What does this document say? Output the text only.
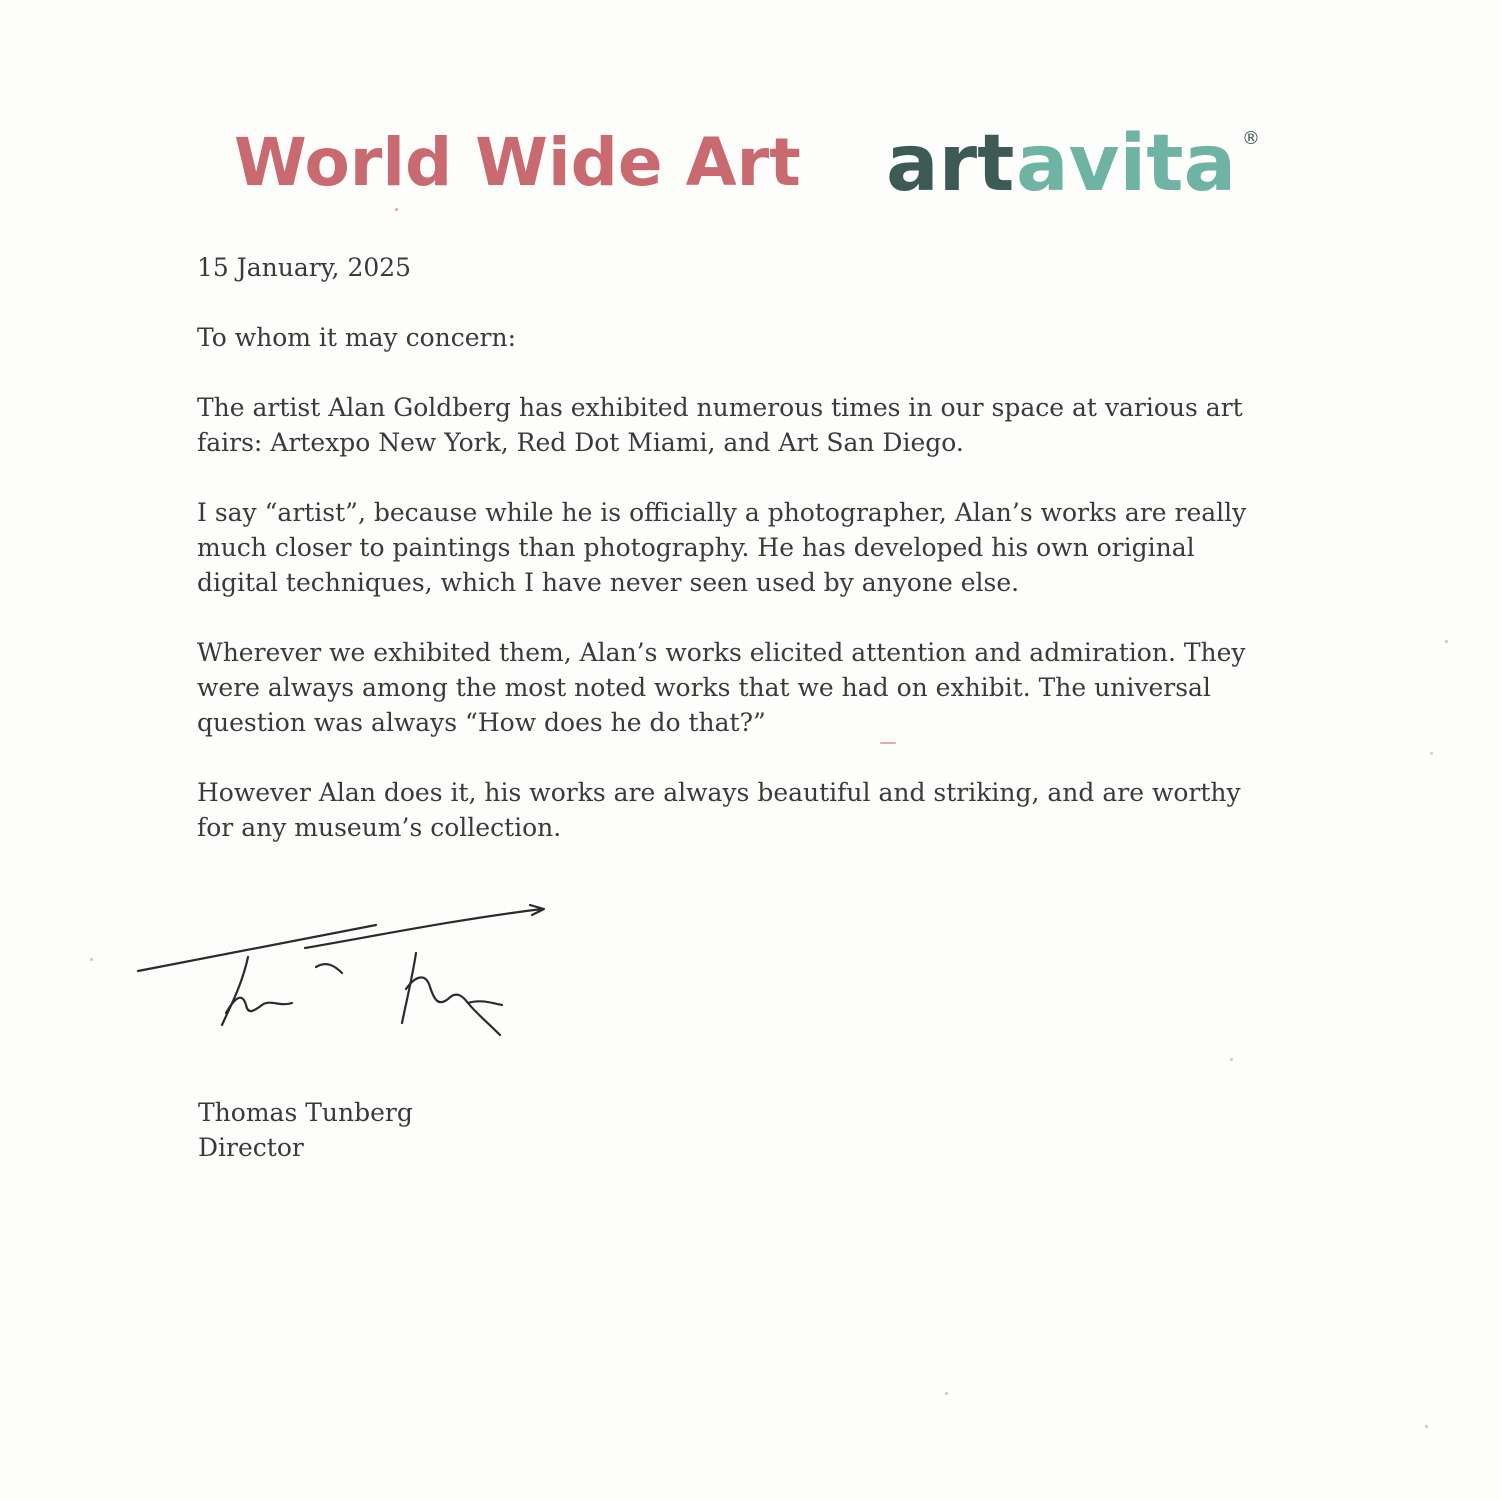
World Wide Art art avita ®

15 January, 2025

To whom it may concern:

The artist Alan Goldberg has exhibited numerous times in our space at various art fairs: Artexpo New York, Red Dot Miami, and Art San Diego.

I say “artist”, because while he is officially a photographer, Alan’s works are really much closer to paintings than photography. He has developed his own original digital techniques, which I have never seen used by anyone else.

Wherever we exhibited them, Alan’s works elicited attention and admiration. They were always among the most noted works that we had on exhibit. The universal question was always “How does he do that?”

However Alan does it, his works are always beautiful and striking, and are worthy for any museum’s collection.

Thomas Tunberg
Director
